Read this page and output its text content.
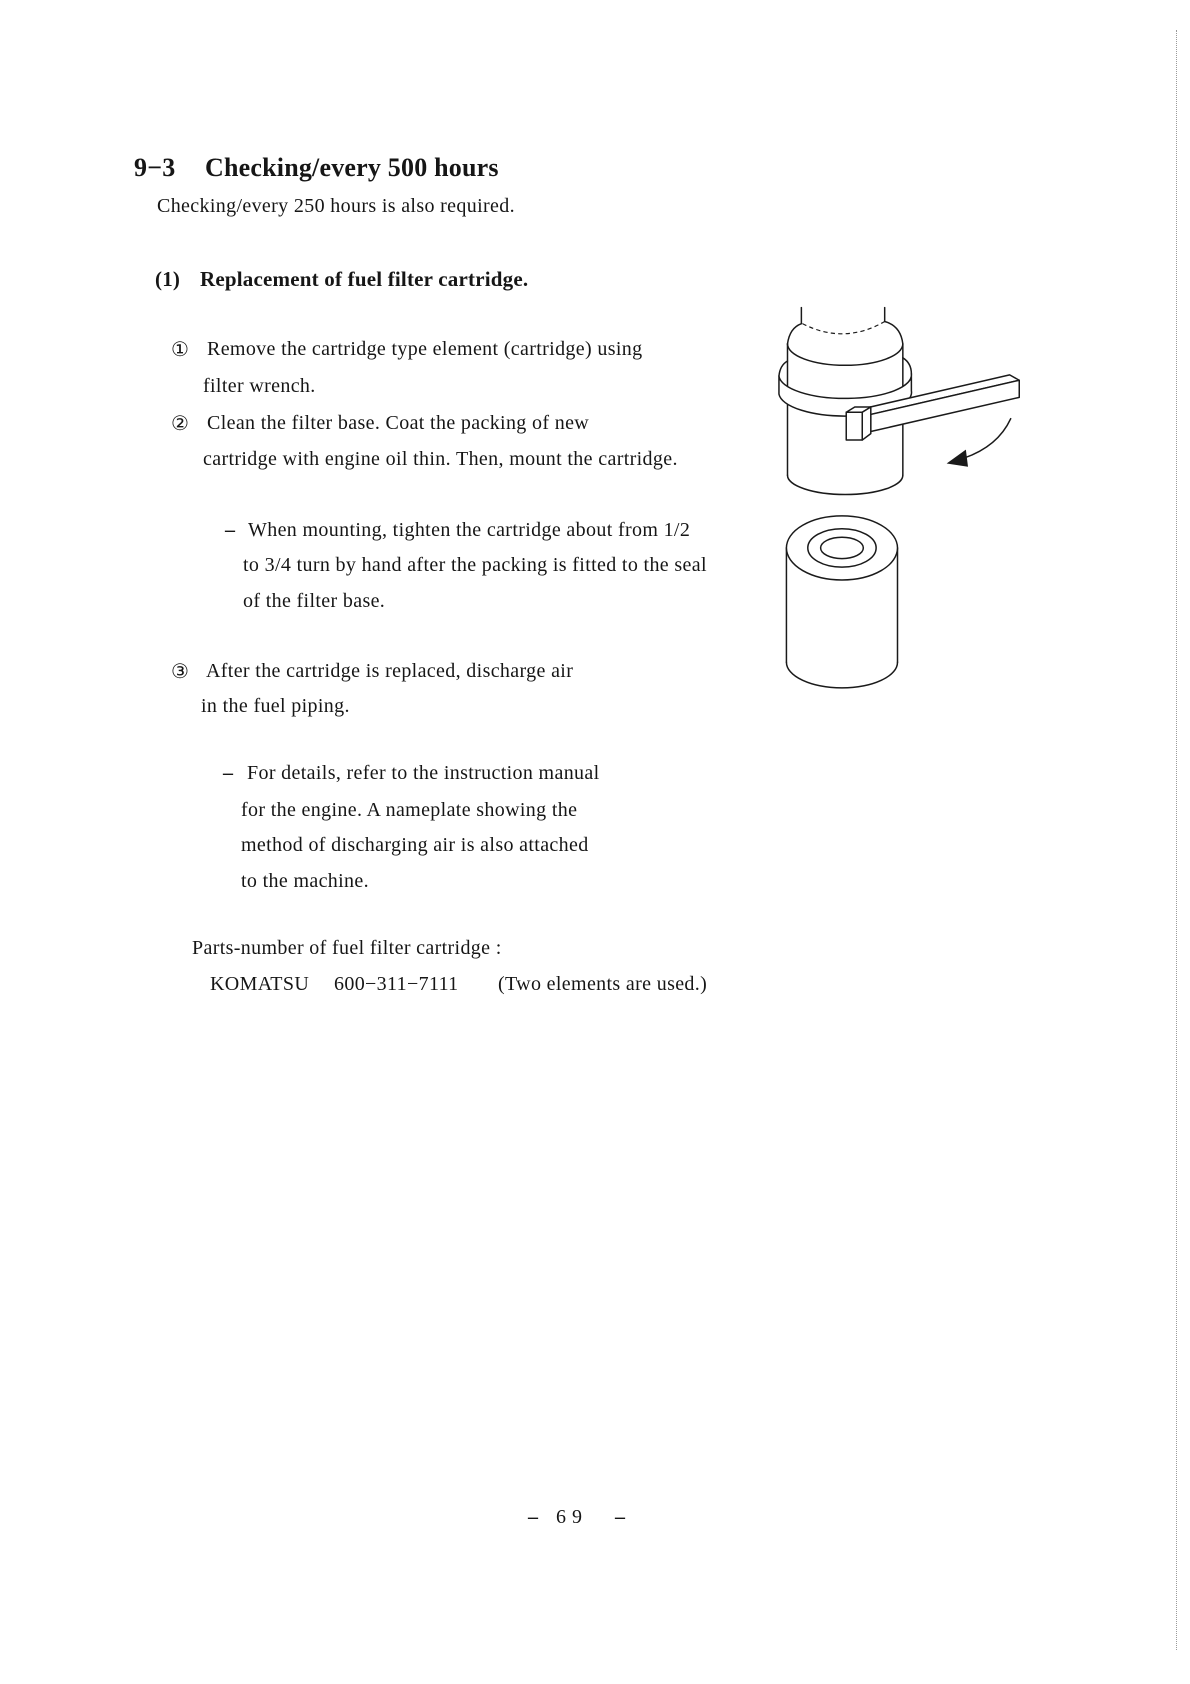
9−3 Checking/every 500 hours
Checking/every 250 hours is also required.
(1) Replacement of fuel filter cartridge.
① Remove the cartridge type element (cartridge) using
filter wrench.
② Clean the filter base. Coat the packing of new
cartridge with engine oil thin. Then, mount the cartridge.
– When mounting, tighten the cartridge about from 1/2
to 3/4 turn by hand after the packing is fitted to the seal
of the filter base.
③ After the cartridge is replaced, discharge air
in the fuel piping.
– For details, refer to the instruction manual
for the engine. A nameplate showing the
method of discharging air is also attached
to the machine.
Parts-number of fuel filter cartridge :
KOMATSU 600−311−7111 (Two elements are used.)
– 69 –
